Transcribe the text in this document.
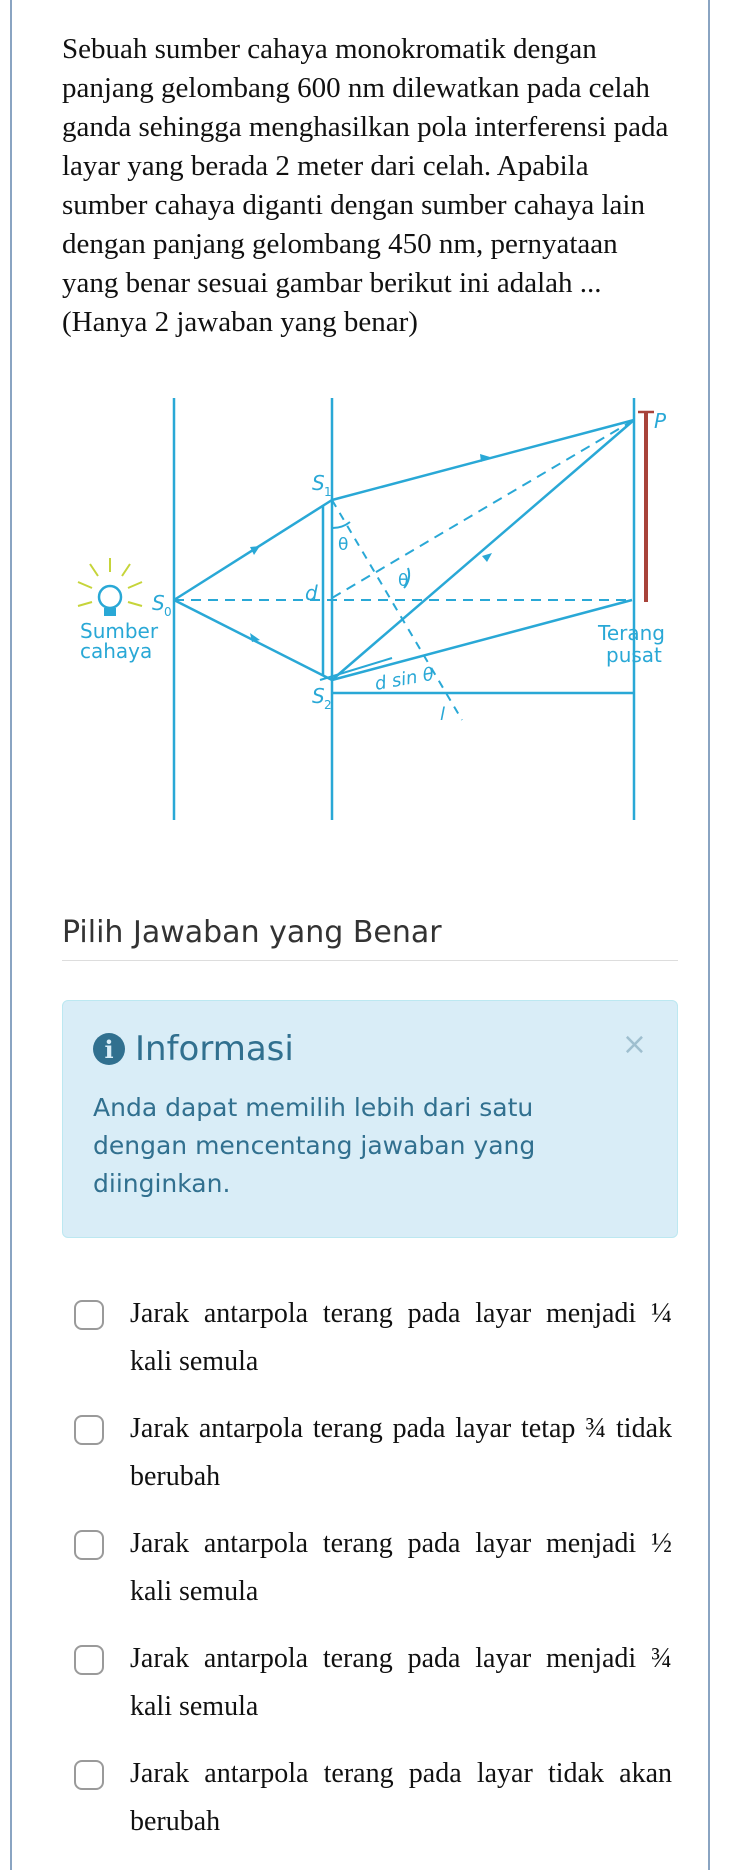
Sebuah sumber cahaya monokromatik dengan panjang gelombang 600 nm dilewatkan pada celah ganda sehingga menghasilkan pola interferensi pada layar yang berada 2 meter dari celah. Apabila sumber cahaya diganti dengan sumber cahaya lain dengan panjang gelombang 450 nm, pernyataan yang benar sesuai gambar berikut ini adalah ... (Hanya 2 jawaban yang benar)
S 1
S 2
S 0
θ
θ
d
P
Sumber
cahaya
Terang
pusat
d sin θ
l
Pilih Jawaban yang Benar
i Informasi	×
Anda dapat memilih lebih dari satu dengan mencentang jawaban yang diinginkan.
Jarak antarpola terang pada layar menjadi ¼ kali semula
Jarak antarpola terang pada layar tetap ¾ tidak berubah
Jarak antarpola terang pada layar menjadi ½ kali semula
Jarak antarpola terang pada layar menjadi ¾ kali semula
Jarak antarpola terang pada layar tidak akan berubah
